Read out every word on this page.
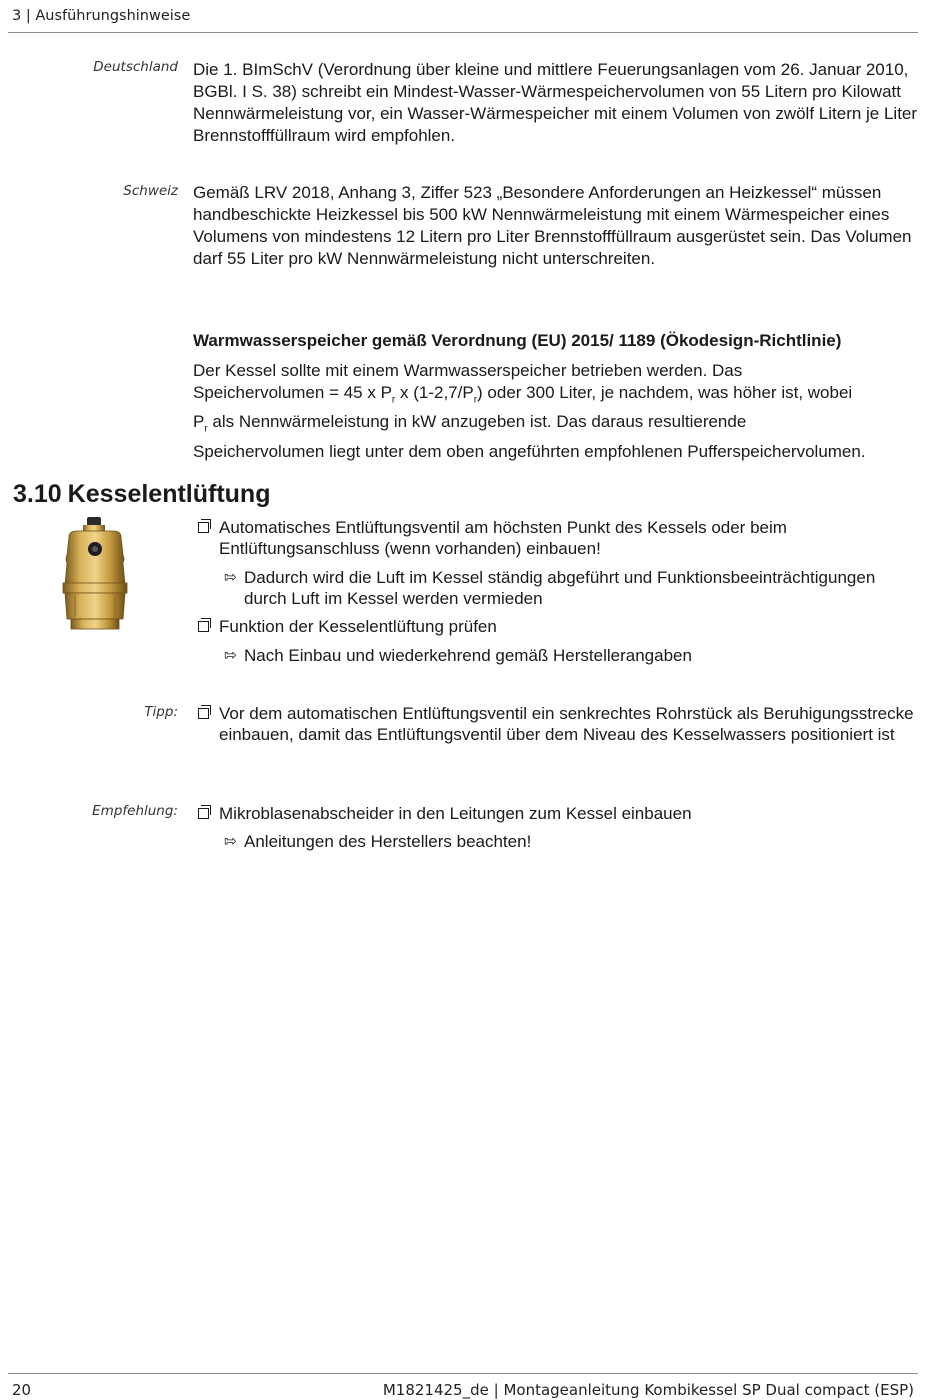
3 | Ausführungshinweise
Deutschland Die 1. BImSchV (Verordnung über kleine und mittlere Feuerungsanlagen vom 26. Januar 2010, BGBl. I S. 38) schreibt ein Mindest-Wasser-Wärmespeichervolumen von 55 Litern pro Kilowatt Nennwärmeleistung vor, ein Wasser-Wärmespeicher mit einem Volumen von zwölf Litern je Liter Brennstofffüllraum wird empfohlen.
Schweiz Gemäß LRV 2018, Anhang 3, Ziffer 523 „Besondere Anforderungen an Heizkessel“ müssen handbeschickte Heizkessel bis 500 kW Nennwärmeleistung mit einem Wärmespeicher eines Volumens von mindestens 12 Litern pro Liter Brennstofffüllraum ausgerüstet sein. Das Volumen darf 55 Liter pro kW Nennwärmeleistung nicht unterschreiten.
Warmwasserspeicher gemäß Verordnung (EU) 2015/ 1189 (Ökodesign-Richtlinie)
Der Kessel sollte mit einem Warmwasserspeicher betrieben werden. Das
Speichervolumen = 45 x $P_r$ x $(1-2,7/P_r)$ oder 300 Liter, je nachdem, was höher ist, wobei
$P_r$ als Nennwärmeleistung in kW anzugeben ist. Das daraus resultierende
Speichervolumen liegt unter dem oben angeführten empfohlenen Pufferspeichervolumen.
3.10 Kesselentlüftung
Automatisches Entlüftungsventil am höchsten Punkt des Kessels oder beim Entlüftungsanschluss (wenn vorhanden) einbauen!
⇰ Dadurch wird die Luft im Kessel ständig abgeführt und Funktionsbeeinträchtigungen durch Luft im Kessel werden vermieden
Funktion der Kesselentlüftung prüfen
⇰ Nach Einbau und wiederkehrend gemäß Herstellerangaben
Tipp: Vor dem automatischen Entlüftungsventil ein senkrechtes Rohrstück als Beruhigungsstrecke einbauen, damit das Entlüftungsventil über dem Niveau des Kesselwassers positioniert ist
Empfehlung: Mikroblasenabscheider in den Leitungen zum Kessel einbauen
⇰ Anleitungen des Herstellers beachten!
20	M1821425_de | Montageanleitung Kombikessel SP Dual compact (ESP)
